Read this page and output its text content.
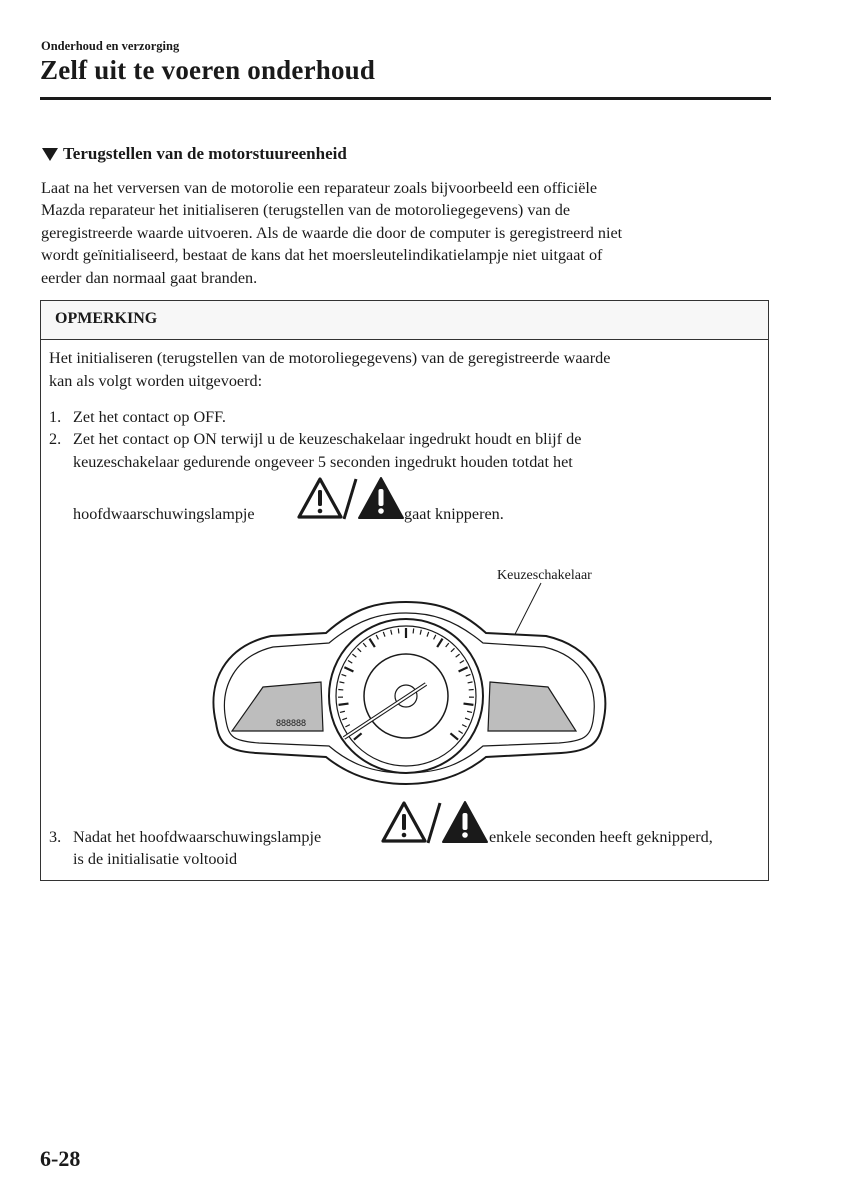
Onderhoud en verzorging
Zelf uit te voeren onderhoud
Terugstellen van de motorstuureenheid

Laat na het verversen van de motorolie een reparateur zoals bijvoorbeeld een officiële

Mazda reparateur het initialiseren (terugstellen van de motoroliegegevens) van de

geregistreerde waarde uitvoeren. Als de waarde die door de computer is geregistreerd niet

wordt geïnitialiseerd, bestaat de kans dat het moersleutelindikatielampje niet uitgaat of

eerder dan normaal gaat branden.

OPMERKING
Het initialiseren (terugstellen van de motoroliegegevens) van de geregistreerde waarde
kan als volgt worden uitgevoerd:
1. Zet het contact op OFF.
2. Zet het contact op ON terwijl u de keuzeschakelaar ingedrukt houdt en blijf de
keuzeschakelaar gedurende ongeveer 5 seconden ingedrukt houden totdat het
hoofdwaarschuwingslampje	gaat knipperen.
Keuzeschakelaar
888888
3. Nadat het hoofdwaarschuwingslampje	enkele seconden heeft geknipperd,
is de initialisatie voltooid
6-28
